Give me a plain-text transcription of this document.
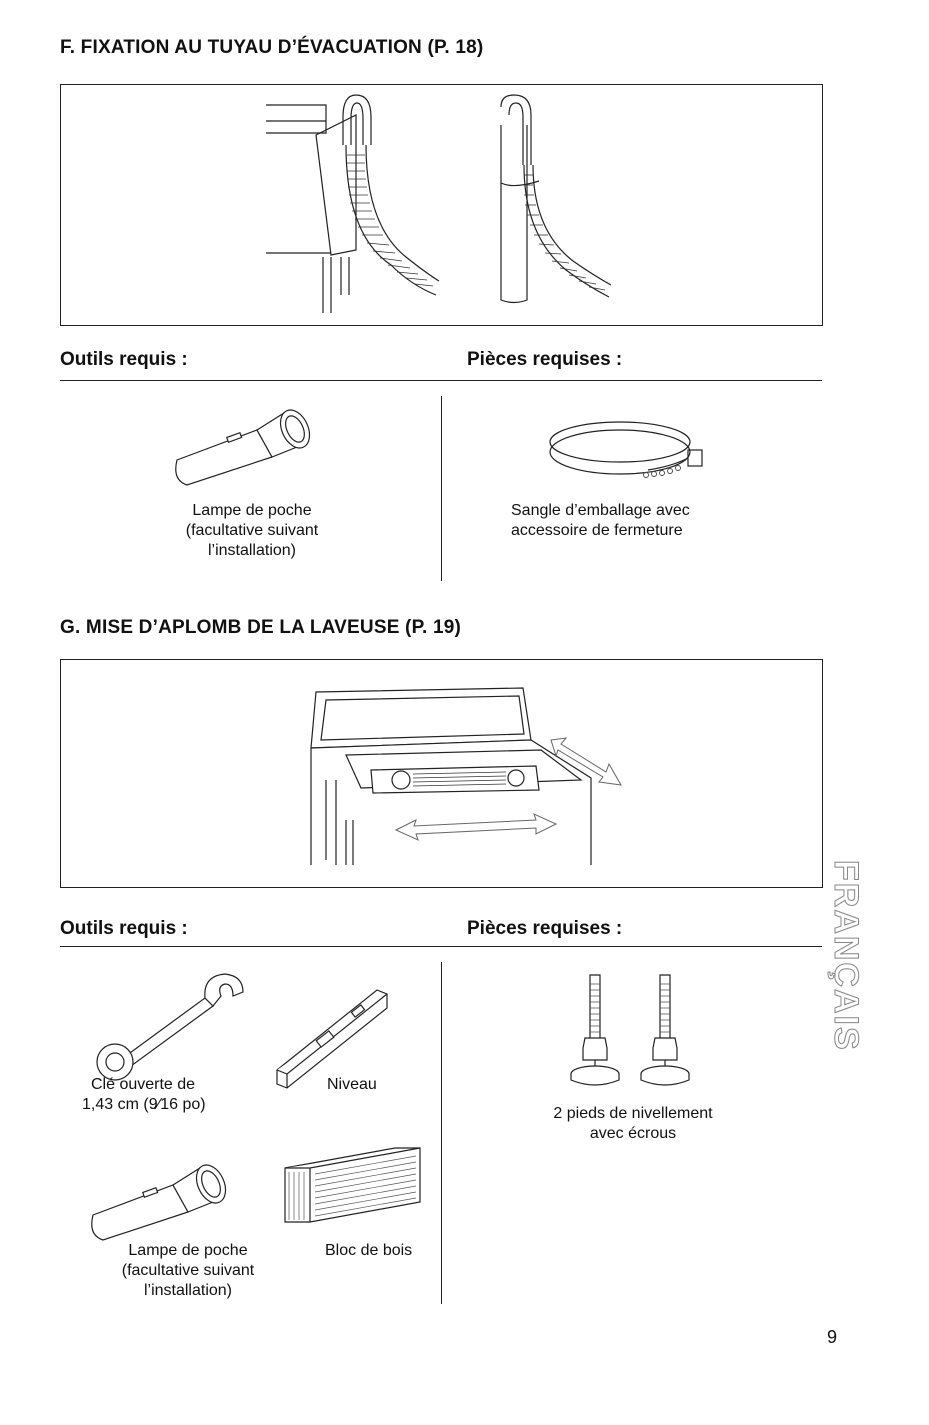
F. FIXATION AU TUYAU D’ÉVACUATION (P. 18)
Outils requis :	Pièces requises :
Lampe de poche
(facultative suivant
l’installation)
Sangle d’emballage avec
accessoire de fermeture
G. MISE D’APLOMB DE LA LAVEUSE (P. 19)
Outils requis :	Pièces requises :
Clé ouverte de
1,43 cm (9⁄16 po)
Niveau
Lampe de poche
(facultative suivant
l’installation)
Bloc de bois
2 pieds de nivellement
avec écrous
FRANÇAIS
9
